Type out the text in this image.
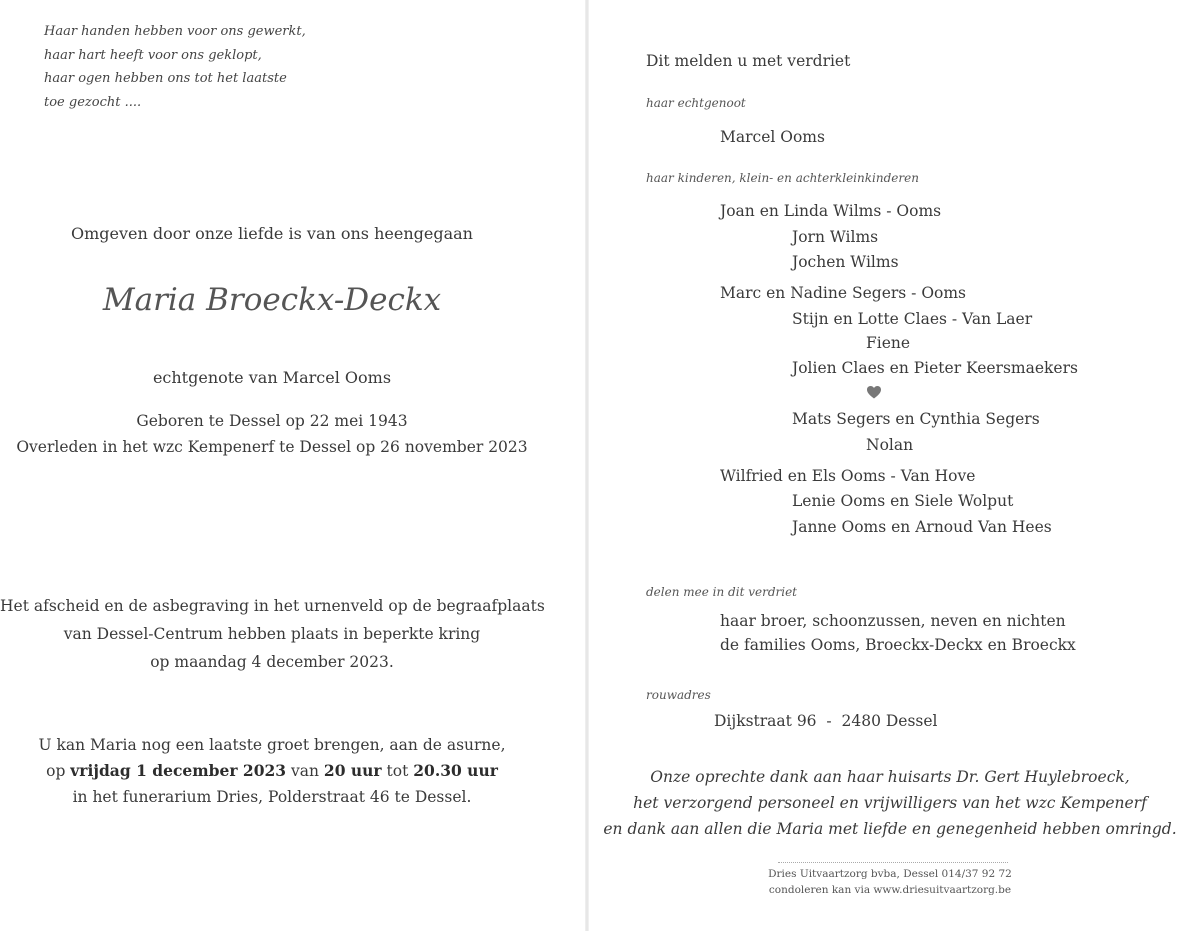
Haar handen hebben voor ons gewerkt,
haar hart heeft voor ons geklopt,
haar ogen hebben ons tot het laatste
toe gezocht ....
Omgeven door onze liefde is van ons heengegaan
Maria Broeckx-Deckx
echtgenote van Marcel Ooms
Geboren te Dessel op 22 mei 1943
Overleden in het wzc Kempenerf te Dessel op 26 november 2023
Het afscheid en de asbegraving in het urnenveld op de begraafplaats
van Dessel-Centrum hebben plaats in beperkte kring
op maandag 4 december 2023.
U kan Maria nog een laatste groet brengen, aan de asurne,
op vrijdag 1 december 2023 van 20 uur tot 20.30 uur
in het funerarium Dries, Polderstraat 46 te Dessel.
Dit melden u met verdriet
haar echtgenoot
Marcel Ooms
haar kinderen, klein- en achterkleinkinderen
Joan en Linda Wilms - Ooms
Jorn Wilms
Jochen Wilms
Marc en Nadine Segers - Ooms
Stijn en Lotte Claes - Van Laer
Fiene
Jolien Claes en Pieter Keersmaekers
Mats Segers en Cynthia Segers
Nolan
Wilfried en Els Ooms - Van Hove
Lenie Ooms en Siele Wolput
Janne Ooms en Arnoud Van Hees
delen mee in dit verdriet
haar broer, schoonzussen, neven en nichten
de families Ooms, Broeckx-Deckx en Broeckx
rouwadres
Dijkstraat 96  -  2480 Dessel
Onze oprechte dank aan haar huisarts Dr. Gert Huylebroeck,
het verzorgend personeel en vrijwilligers van het wzc Kempenerf
en dank aan allen die Maria met liefde en genegenheid hebben omringd.
Dries Uitvaartzorg bvba, Dessel 014/37 92 72
condoleren kan via www.driesuitvaartzorg.be
